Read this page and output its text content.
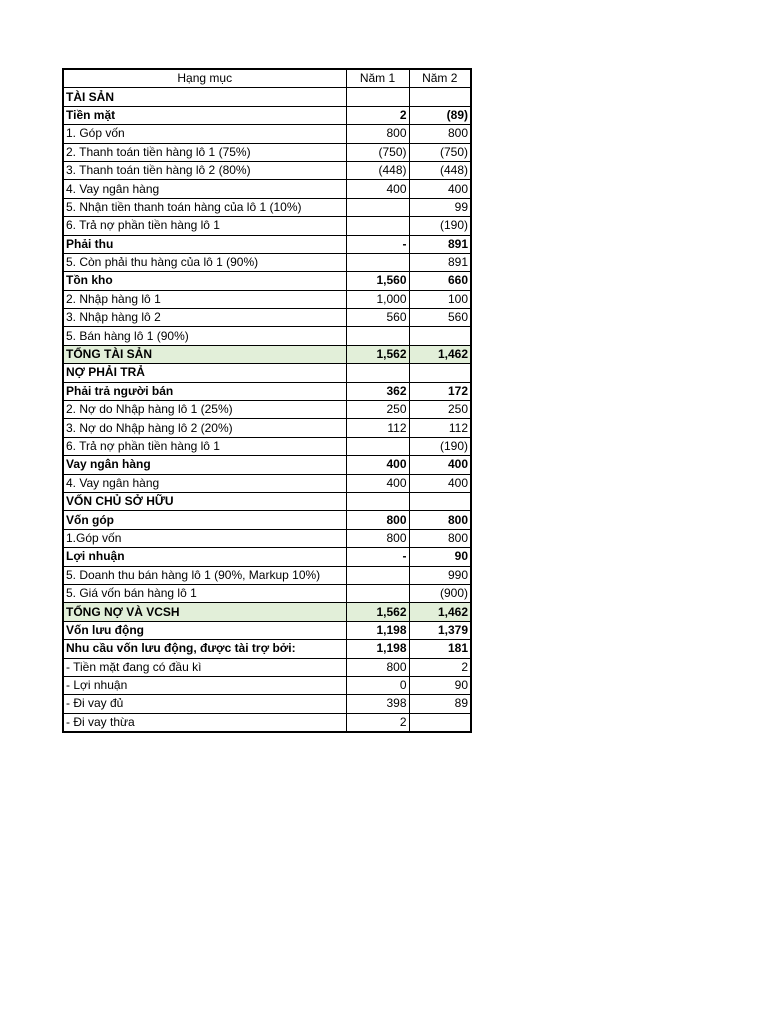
Hạng mục	Năm 1	Năm 2
TÀI SẢN		
Tiền mặt	2	(89)
1. Góp vốn	800	800
2. Thanh toán tiền hàng lô 1 (75%)	(750)	(750)
3. Thanh toán tiền hàng lô 2 (80%)	(448)	(448)
4. Vay ngân hàng	400	400
5. Nhận tiền thanh toán hàng của lô 1 (10%)		99
6. Trả nợ phần tiền hàng lô 1		(190)
Phải thu	-	891
5. Còn phải thu hàng của lô 1 (90%)		891
Tồn kho	1,560	660
2. Nhập hàng lô 1	1,000	100
3. Nhập hàng lô 2	560	560
5. Bán hàng lô 1 (90%)		
TỔNG TÀI SẢN	1,562	1,462
NỢ PHẢI TRẢ		
Phải trả người bán	362	172
2. Nợ do Nhập hàng lô 1 (25%)	250	250
3. Nợ do Nhập hàng lô 2 (20%)	112	112
6. Trả nợ phần tiền hàng lô 1		(190)
Vay ngân hàng	400	400
4. Vay ngân hàng	400	400
VỐN CHỦ SỞ HỮU		
Vốn góp	800	800
1.Góp vốn	800	800
Lợi nhuận	-	90
5. Doanh thu bán hàng lô 1 (90%, Markup 10%)		990
5. Giá vốn bán hàng lô 1		(900)
TỔNG NỢ VÀ VCSH	1,562	1,462
Vốn lưu động	1,198	1,379
Nhu cầu vốn lưu động, được tài trợ bởi:	1,198	181
- Tiền mặt đang có đầu kì	800	2
- Lợi nhuận	0	90
- Đi vay đủ	398	89
- Đi vay thừa	2	
